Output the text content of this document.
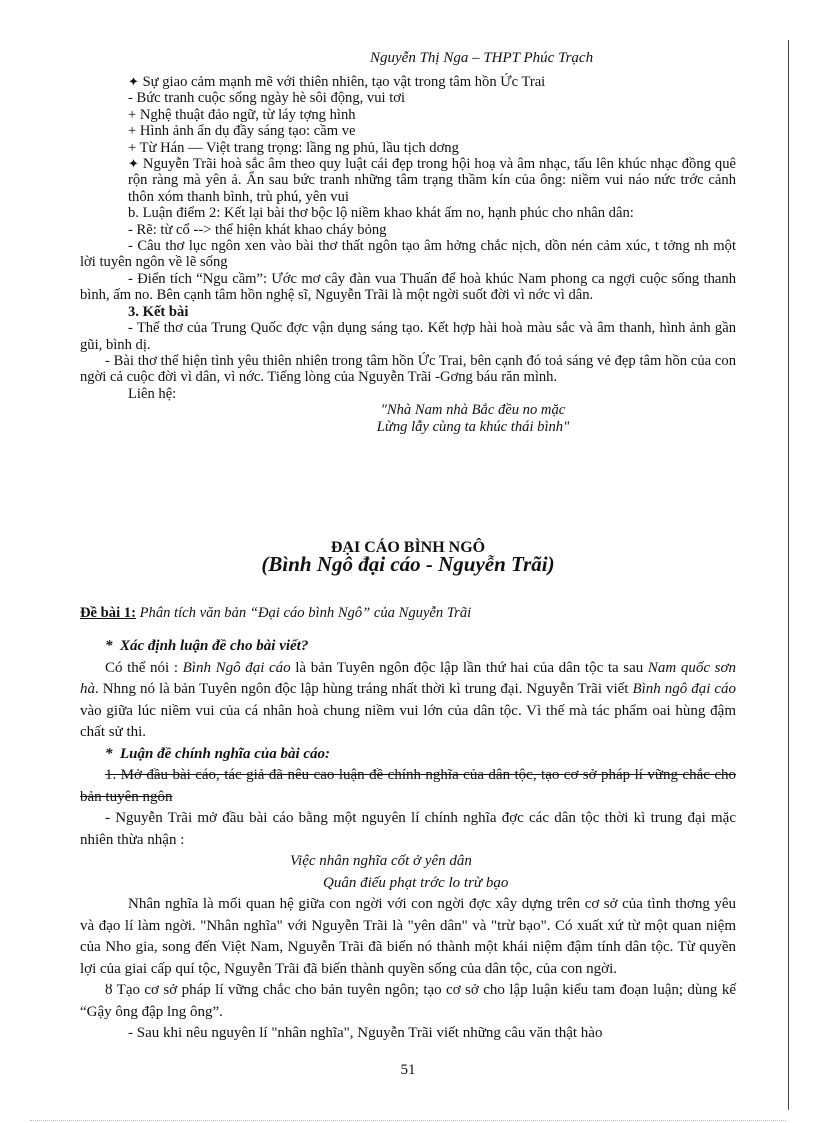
Nguyễn Thị Nga – THPT Phúc Trạch

✦ Sự giao cảm mạnh mẽ với thiên nhiên, tạo vật trong tâm hồn Ức Trai

- Bức tranh cuộc sống ngày hè sôi động, vui tơi

+ Nghệ thuật đảo ngữ, từ láy tợng hình

+ Hình ảnh ẩn dụ đầy sáng tạo: cầm ve

+ Từ Hán — Việt trang trọng: lầng ng phủ, lầu tịch dơng

✦ Nguyễn Trãi hoà sắc âm theo quy luật cái đẹp trong hội hoạ và âm nhạc, tấu lên khúc nhạc đồng quê rộn ràng mà yên ả. Ẩn sau bức tranh những tâm trạng thầm kín của ông: niềm vui náo nức trớc cảnh thôn xóm thanh bình, trù phú, yên vui

b. Luận điểm 2: Kết lại bài thơ bộc lộ niềm khao khát ấm no, hạnh phúc cho nhân dân:

- Rẽ: từ cổ --> thể hiện khát khao cháy bỏng

- Câu thơ lục ngôn xen vào bài thơ thất ngôn tạo âm hởng chắc nịch, dồn nén cảm xúc, t tởng nh một lời tuyên ngôn về lẽ sống

- Điển tích “Ngu cầm”: Ước mơ cây đàn vua Thuấn để hoà khúc Nam phong ca ngợi cuộc sống thanh bình, ấm no. Bên cạnh tâm hồn nghệ sĩ, Nguyễn Trãi là một ngời suốt đời vì nớc vì dân.

3. Kết bài

- Thể thơ của Trung Quốc đợc vận dụng sáng tạo. Kết hợp hài hoà màu sắc và âm thanh, hình ảnh gần gũi, bình dị.

- Bài thơ thể hiện tình yêu thiên nhiên trong tâm hồn Ức Trai, bên cạnh đó toả sáng vẻ đẹp tâm hồn của con ngời cả cuộc đời vì dân, vì nớc. Tiếng lòng của Nguyễn Trãi -Gơng báu răn mình.

Liên hệ:

"Nhà Nam nhà Bắc đều no mặc

Lừng lẫy cùng ta khúc thái bình"

ĐẠI CÁO BÌNH NGÔ
(Bình Ngô đại cáo - Nguyễn Trãi)
Đề bài 1: Phân tích văn bản “Đại cáo bình Ngô” của Nguyễn Trãi

* Xác định luận đề cho bài viết?

Có thể nói : Bình Ngô đại cáo là bản Tuyên ngôn độc lập lần thứ hai của dân tộc ta sau Nam quốc sơn hà. Nhng nó là bản Tuyên ngôn độc lập hùng tráng nhất thời kì trung đại. Nguyễn Trãi viết Bình ngô đại cáo vào giữa lúc niềm vui của cá nhân hoà chung niềm vui lớn của dân tộc. Vì thế mà tác phẩm oai hùng đậm chất sử thi.

* Luận đề chính nghĩa của bài cáo:

1. Mở đầu bài cáo, tác giả đã nêu cao luận đề chính nghĩa của dân tộc, tạo cơ sở pháp lí vững chắc cho bản tuyên ngôn

- Nguyễn Trãi mở đầu bài cáo bằng một nguyên lí chính nghĩa đợc các dân tộc thời kì trung đại mặc nhiên thừa nhận :

Việc nhân nghĩa cốt ở yên dân

Quân điếu phạt trớc lo trừ bạo

Nhân nghĩa là mối quan hệ giữa con ngời với con ngời đợc xây dựng trên cơ sở của tình thơng yêu và đạo lí làm ngời. "Nhân nghĩa" với Nguyễn Trãi là "yên dân" và "trừ bạo". Có xuất xứ từ một quan niệm của Nho gia, song đến Việt Nam, Nguyễn Trãi đã biến nó thành một khái niệm đậm tính dân tộc. Từ quyền lợi của giai cấp quí tộc, Nguyễn Trãi đã biến thành quyền sống của dân tộc, của con ngời.

ȣ Tạo cơ sở pháp lí vững chắc cho bản tuyên ngôn; tạo cơ sở cho lập luận kiểu tam đoạn luận; dùng kế “Gậy ông đập lng ông”.

- Sau khi nêu nguyên lí "nhân nghĩa", Nguyễn Trãi viết những câu văn thật hào

51
